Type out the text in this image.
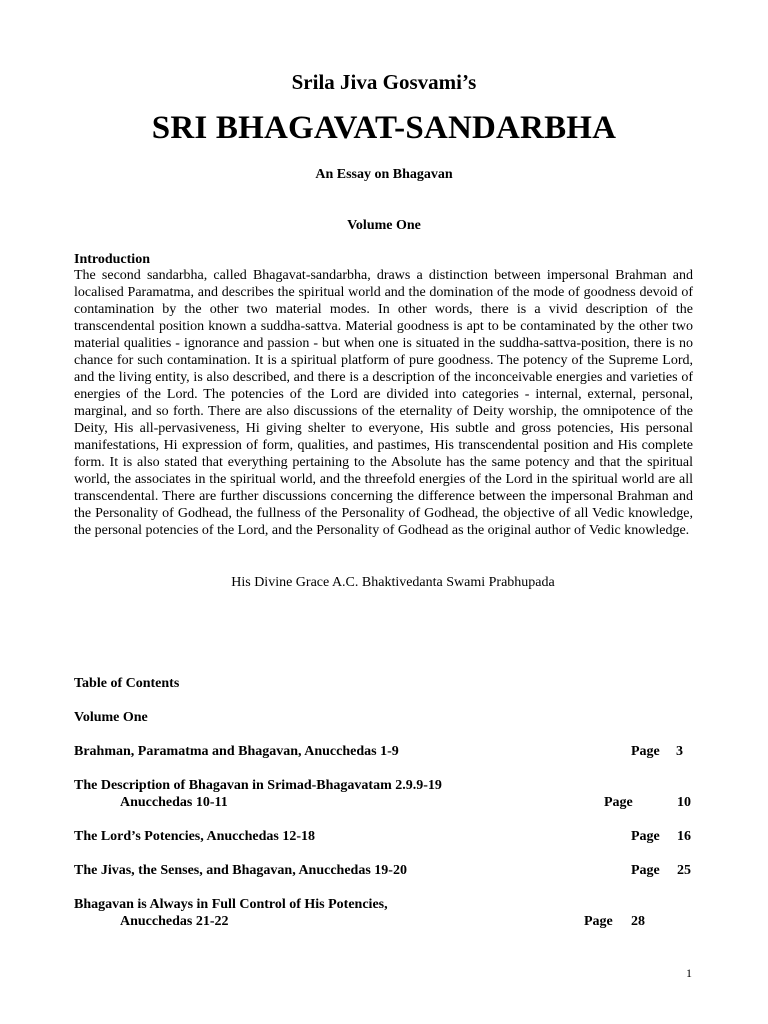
Srila Jiva Gosvami’s
SRI BHAGAVAT-SANDARBHA
An Essay on Bhagavan
Volume One
Introduction
The second sandarbha, called Bhagavat-sandarbha, draws a distinction between impersonal Brahman and localised Paramatma, and describes the spiritual world and the domination of the mode of goodness devoid of contamination by the other two material modes. In other words, there is a vivid description of the transcendental position known a suddha-sattva. Material goodness is apt to be contaminated by the other two material qualities - ignorance and passion - but when one is situated in the suddha-sattva-position, there is no chance for such contamination. It is a spiritual platform of pure goodness. The potency of the Supreme Lord, and the living entity, is also described, and there is a description of the inconceivable energies and varieties of energies of the Lord. The potencies of the Lord are divided into categories - internal, external, personal, marginal, and so forth. There are also discussions of the eternality of Deity worship, the omnipotence of the Deity, His all-pervasiveness, Hi giving shelter to everyone, His subtle and gross potencies, His personal manifestations, Hi expression of form, qualities, and pastimes, His transcendental position and His complete form. It is also stated that everything pertaining to the Absolute has the same potency and that the spiritual world, the associates in the spiritual world, and the threefold energies of the Lord in the spiritual world are all transcendental. There are further discussions concerning the difference between the impersonal Brahman and the Personality of Godhead, the fullness of the Personality of Godhead, the objective of all Vedic knowledge, the personal potencies of the Lord, and the Personality of Godhead as the original author of Vedic knowledge.
His Divine Grace A.C. Bhaktivedanta Swami Prabhupada
Table of Contents
Volume One
Brahman, Paramatma and Bhagavan, Anucchedas 1-9	Page 3
The Description of Bhagavan in Srimad-Bhagavatam 2.9.9-19
Anucchedas 10-11	Page	10
The Lord’s Potencies, Anucchedas 12-18	Page 16
The Jivas, the Senses, and Bhagavan, Anucchedas 19-20	Page 25
Bhagavan is Always in Full Control of His Potencies,
Anucchedas 21-22	Page 28
1
